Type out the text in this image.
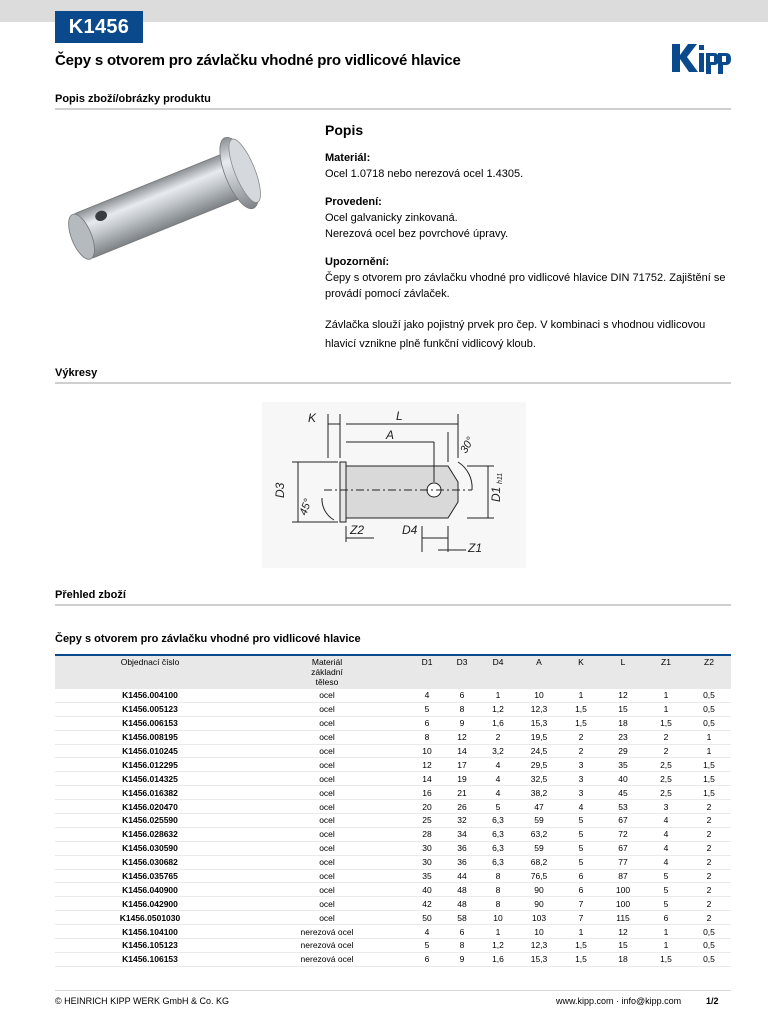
K1456
Čepy s otvorem pro závlačku vhodné pro vidlicové hlavice
Popis zboží/obrázky produktu
Popis

Materiál:

Ocel 1.0718 nebo nerezová ocel 1.4305.

Provedení:

Ocel galvanicky zinkovaná.

Nerezová ocel bez povrchové úpravy.

Upozornění:

Čepy s otvorem pro závlačku vhodné pro vidlicové hlavice DIN 71752. Zajištění se provádí pomocí závlaček.

Závlačka slouží jako pojistný prvek pro čep. V kombinaci s vhodnou vidlicovou hlavicí vznikne plně funkční vidlicový kloub.

Výkresy
K	L
A
D3
D4
Z1
Z2
D1
h11
30°
45°
Přehled zboží
Čepy s otvorem pro závlačku vhodné pro vidlicové hlavice
Objednací číslo	Materiál
základní
těleso	D1	D3	D4	A	K	L	Z1	Z2
K1456.004100	ocel	4	6	1	10	1	12	1	0,5
K1456.005123	ocel	5	8	1,2	12,3	1,5	15	1	0,5
K1456.006153	ocel	6	9	1,6	15,3	1,5	18	1,5	0,5
K1456.008195	ocel	8	12	2	19,5	2	23	2	1
K1456.010245	ocel	10	14	3,2	24,5	2	29	2	1
K1456.012295	ocel	12	17	4	29,5	3	35	2,5	1,5
K1456.014325	ocel	14	19	4	32,5	3	40	2,5	1,5
K1456.016382	ocel	16	21	4	38,2	3	45	2,5	1,5
K1456.020470	ocel	20	26	5	47	4	53	3	2
K1456.025590	ocel	25	32	6,3	59	5	67	4	2
K1456.028632	ocel	28	34	6,3	63,2	5	72	4	2
K1456.030590	ocel	30	36	6,3	59	5	67	4	2
K1456.030682	ocel	30	36	6,3	68,2	5	77	4	2
K1456.035765	ocel	35	44	8	76,5	6	87	5	2
K1456.040900	ocel	40	48	8	90	6	100	5	2
K1456.042900	ocel	42	48	8	90	7	100	5	2
K1456.0501030	ocel	50	58	10	103	7	115	6	2
K1456.104100	nerezová ocel	4	6	1	10	1	12	1	0,5
K1456.105123	nerezová ocel	5	8	1,2	12,3	1,5	15	1	0,5
K1456.106153	nerezová ocel	6	9	1,6	15,3	1,5	18	1,5	0,5
© HEINRICH KIPP WERK GmbH & Co. KG	www.kipp.com · info@kipp.com	1/2
